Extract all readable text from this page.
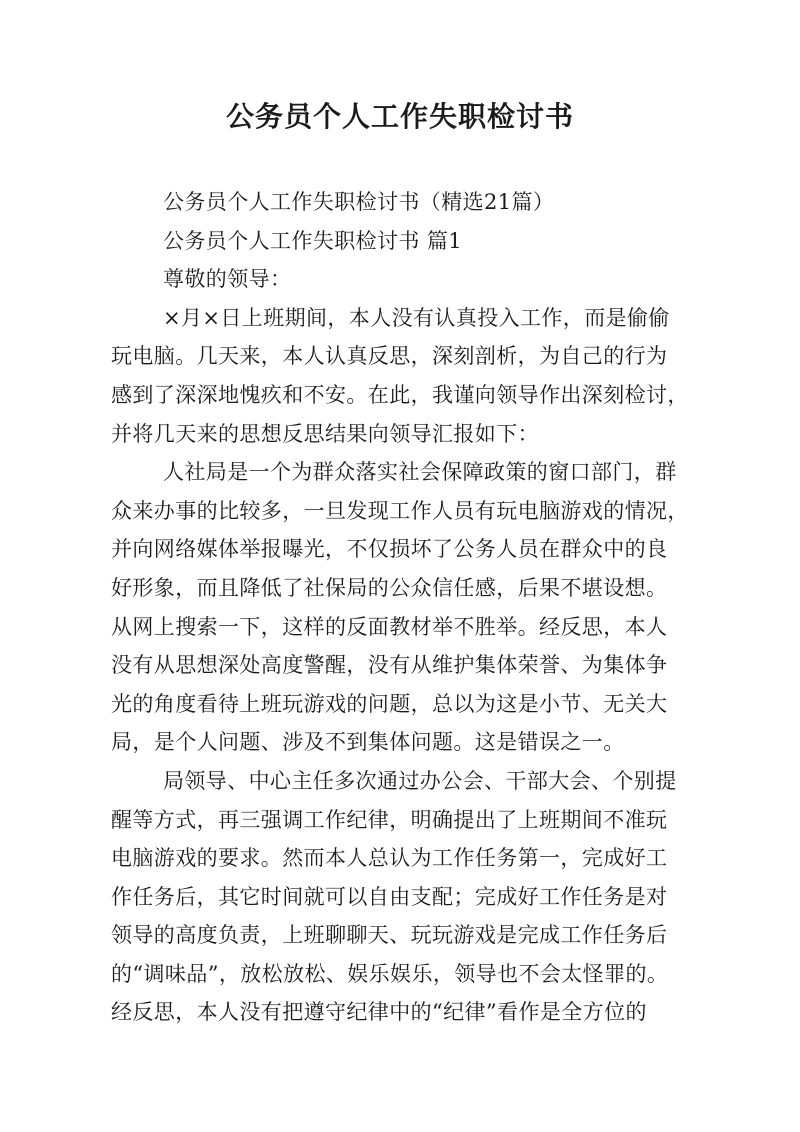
公务员个人工作失职检讨书
公务员个人工作失职检讨书（精选21篇）
公务员个人工作失职检讨书 篇1
尊敬的领导：
×月×日上班期间，本人没有认真投入工作，而是偷偷
玩电脑。几天来，本人认真反思，深刻剖析，为自己的行为
感到了深深地愧疚和不安。在此，我谨向领导作出深刻检讨，
并将几天来的思想反思结果向领导汇报如下：
人社局是一个为群众落实社会保障政策的窗口部门，群
众来办事的比较多，一旦发现工作人员有玩电脑游戏的情况，
并向网络媒体举报曝光，不仅损坏了公务人员在群众中的良
好形象，而且降低了社保局的公众信任感，后果不堪设想。
从网上搜索一下，这样的反面教材举不胜举。经反思，本人
没有从思想深处高度警醒，没有从维护集体荣誉、为集体争
光的角度看待上班玩游戏的问题，总以为这是小节、无关大
局，是个人问题、涉及不到集体问题。这是错误之一。
局领导、中心主任多次通过办公会、干部大会、个别提
醒等方式，再三强调工作纪律，明确提出了上班期间不准玩
电脑游戏的要求。然而本人总认为工作任务第一，完成好工
作任务后，其它时间就可以自由支配；完成好工作任务是对
领导的高度负责，上班聊聊天、玩玩游戏是完成工作任务后
的“调味品”，放松放松、娱乐娱乐，领导也不会太怪罪的。
经反思，本人没有把遵守纪律中的“纪律”看作是全方位的
